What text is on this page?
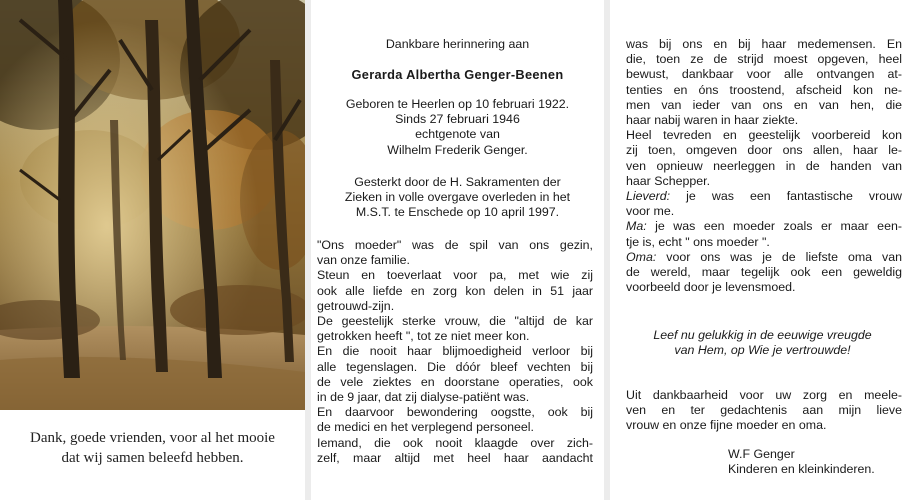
Dank, goede vrienden, voor al het mooie
dat wij samen beleefd hebben.
Dankbare herinnering aan
Gerarda Albertha Genger-Beenen
Geboren te Heerlen op 10 februari 1922.
Sinds 27 februari 1946
echtgenote van
Wilhelm Frederik Genger.
Gesterkt door de H. Sakramenten der
Zieken in volle overgave overleden in het
M.S.T. te Enschede op 10 april 1997.
"Ons moeder" was de spil van ons gezin,
van onze familie.
Steun en toeverlaat voor pa, met wie zij
ook alle liefde en zorg kon delen in 51 jaar
getrouwd-zijn.
De geestelijk sterke vrouw, die "altijd de kar
getrokken heeft ", tot ze niet meer kon.
En die nooit haar blijmoedigheid verloor bij
alle tegenslagen. Die dóór bleef vechten bij
de vele ziektes en doorstane operaties, ook
in de 9 jaar, dat zij dialyse-patiënt was.
En daarvoor bewondering oogstte, ook bij
de medici en het verplegend personeel.
Iemand, die ook nooit klaagde over zich-
zelf, maar altijd met heel haar aandacht
was bij ons en bij haar medemensen. En
die, toen ze de strijd moest opgeven, heel
bewust, dankbaar voor alle ontvangen at-
tenties en óns troostend, afscheid kon ne-
men van ieder van ons en van hen, die
haar nabij waren in haar ziekte.
Heel tevreden en geestelijk voorbereid kon
zij toen, omgeven door ons allen, haar le-
ven opnieuw neerleggen in de handen van
haar Schepper.
Lieverd: je was een fantastische vrouw
voor me.
Ma: je was een moeder zoals er maar een-
tje is, echt " ons moeder ".
Oma: voor ons was je de liefste oma van
de wereld, maar tegelijk ook een geweldig
voorbeeld door je levensmoed.
Leef nu gelukkig in de eeuwige vreugde
van Hem, op Wie je vertrouwde!
Uit dankbaarheid voor uw zorg en meele-
ven en ter gedachtenis aan mijn lieve
vrouw en onze fijne moeder en oma.
W.F Genger
Kinderen en kleinkinderen.
